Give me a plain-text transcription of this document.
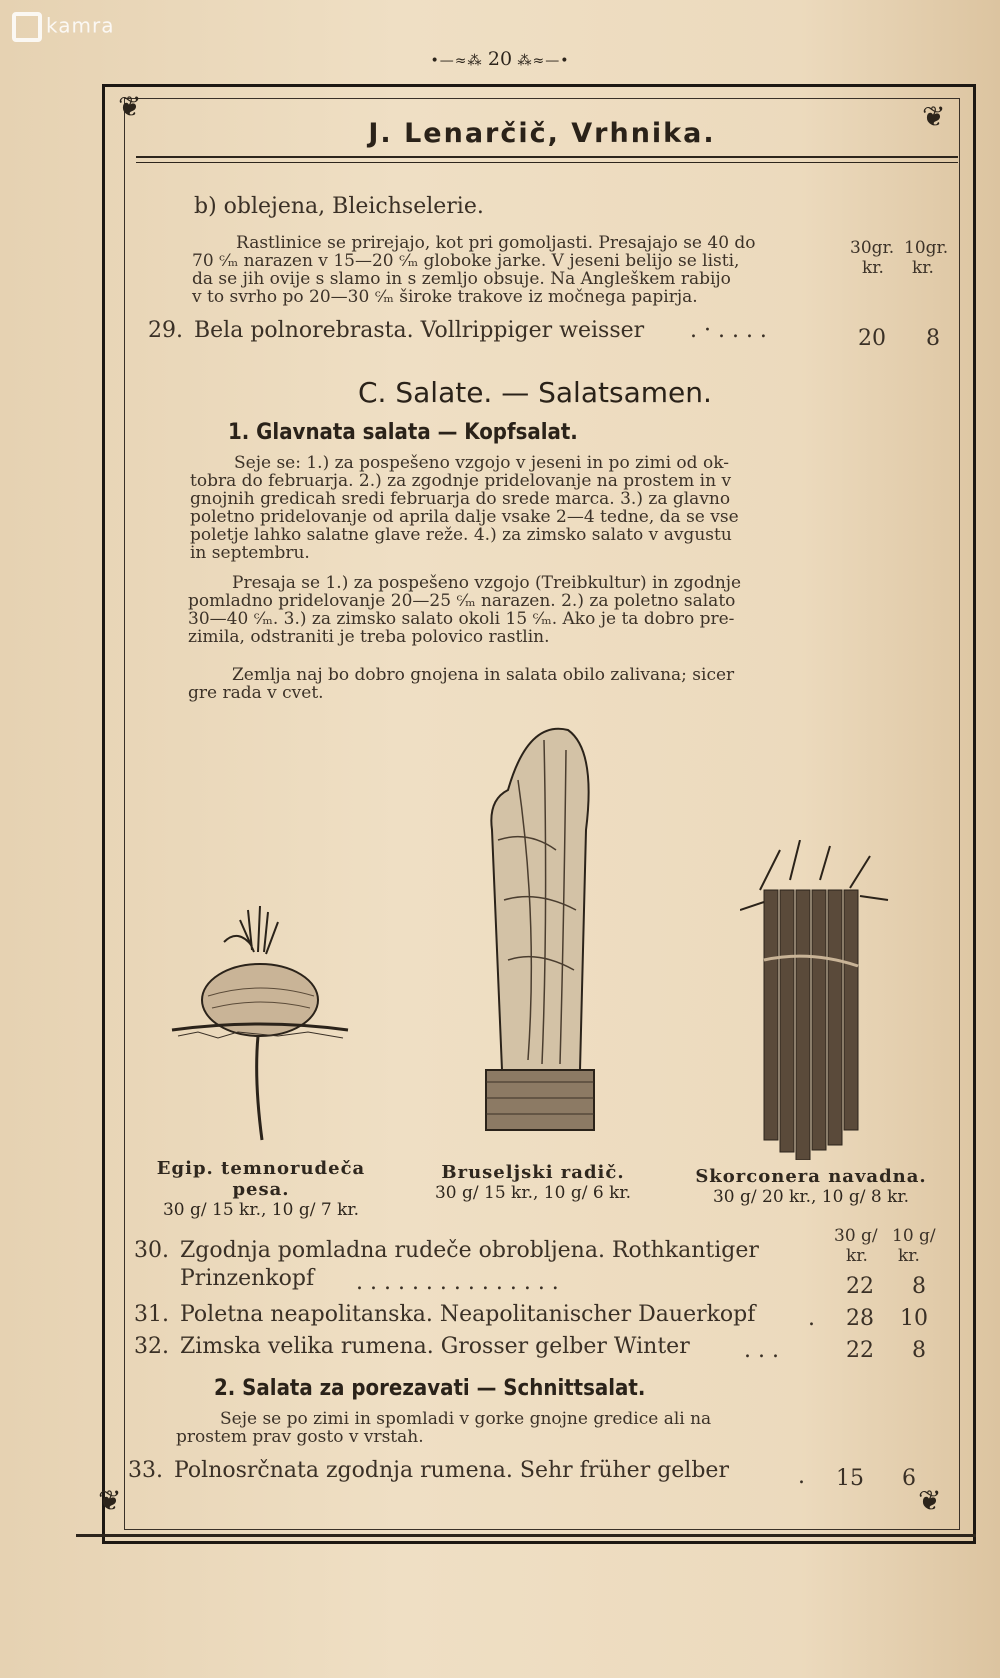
kamra
•—≈⁂ 20 ⁂≈—•
❦	❦
❦	❦
J. Lenarčič, Vrhnika.
b) oblejena, Bleichselerie.
Rastlinice se prirejajo, kot pri gomoljasti. Presajajo se 40 do
70 ᶜ⁄ₘ narazen v 15—20 ᶜ⁄ₘ globoke jarke. V jeseni belijo se listi,
da se jih ovije s slamo in s zemljo obsuje. Na Angleškem rabijo
v to svrho po 20—30 ᶜ⁄ₘ široke trakove iz močnega papirja.
30gr. 10gr.
kr. kr.
29. Bela polnorebrasta. Vollrippiger weisser . · . . . .	20 8
C. Salate. — Salatsamen.
1. Glavnata salata — Kopfsalat.
Seje se: 1.) za pospešeno vzgojo v jeseni in po zimi od ok-
tobra do februarja. 2.) za zgodnje pridelovanje na prostem in v
gnojnih gredicah sredi februarja do srede marca. 3.) za glavno
poletno pridelovanje od aprila dalje vsake 2—4 tedne, da se vse
poletje lahko salatne glave reže. 4.) za zimsko salato v avgustu
in septembru.
Presaja se 1.) za pospešeno vzgojo (Treibkultur) in zgodnje
pomladno pridelovanje 20—25 ᶜ⁄ₘ narazen. 2.) za poletno salato
30—40 ᶜ⁄ₘ. 3.) za zimsko salato okoli 15 ᶜ⁄ₘ. Ako je ta dobro pre-
zimila, odstraniti je treba polovico rastlin.
Zemlja naj bo dobro gnojena in salata obilo zalivana; sicer
gre rada v cvet.
Egip. temnorudeča pesa.
30 g/ 15 kr., 10 g/ 7 kr.
Bruseljski radič.
30 g/ 15 kr., 10 g/ 6 kr.
Skorconera navadna.
30 g/ 20 kr., 10 g/ 8 kr.
30 g/ 10 g/
kr. kr.
30. Zgodnja pomladna rudeče obrobljena. Rothkantiger
Prinzenkopf . . . . . . . . . . . . . . .	22 8
31. Poletna neapolitanska. Neapolitanischer Dauerkopf . 28 10
32. Zimska velika rumena. Grosser gelber Winter . . .	22 8
2. Salata za porezavati — Schnittsalat.
Seje se po zimi in spomladi v gorke gnojne gredice ali na
prostem prav gosto v vrstah.
33. Polnosrčnata zgodnja rumena. Sehr früher gelber	. 15 6
